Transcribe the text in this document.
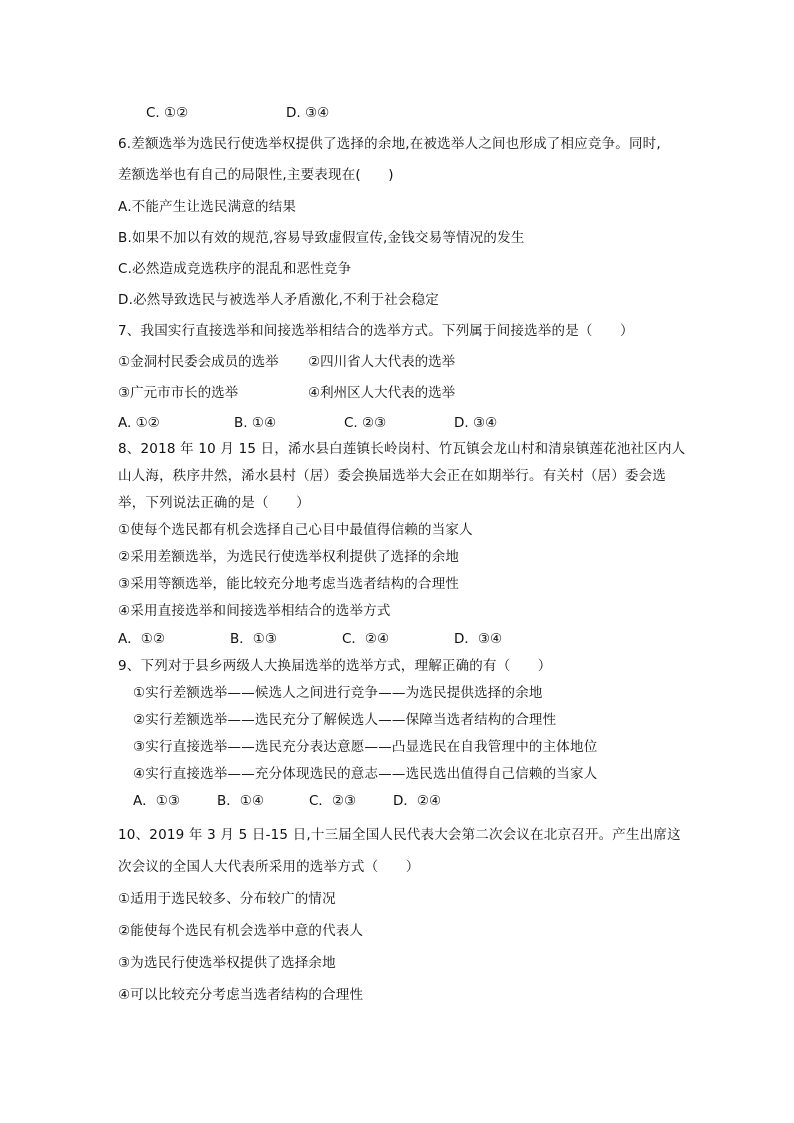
C. ①②

	D. ③④

6.差额选举为选民行使选举权提供了选择的余地,在被选举人之间也形成了相应竞争。同时,

差额选举也有自己的局限性,主要表现在(　　)

A.不能产生让选民满意的结果

B.如果不加以有效的规范,容易导致虚假宣传,金钱交易等情况的发生

C.必然造成竞选秩序的混乱和恶性竞争

D.必然导致选民与被选举人矛盾激化,不利于社会稳定

7、我国实行直接选举和间接选举相结合的选举方式。下列属于间接选举的是（　　）

①金洞村民委会成员的选举

②四川省人大代表的选举

③广元市市长的选举

	④利州区人大代表的选举

A. ①②

	B. ①④

	C. ②③

	D. ③④

8、2018 年 10 月 15 日，浠水县白莲镇长岭岗村、竹瓦镇会龙山村和清泉镇莲花池社区内人

山人海，秩序井然，浠水县村（居）委会换届选举大会正在如期举行。有关村（居）委会选

举，下列说法正确的是（　　）

①使每个选民都有机会选择自己心目中最值得信赖的当家人

②采用差额选举，为选民行使选举权利提供了选择的余地

③采用等额选举，能比较充分地考虑当选者结构的合理性

④采用直接选举和间接选举相结合的选举方式

A．①②

	B．①③

	C．②④

	D．③④

9、下列对于县乡两级人大换届选举的选举方式，理解正确的有（　　）

①实行差额选举——候选人之间进行竞争——为选民提供选择的余地

②实行差额选举——选民充分了解候选人——保障当选者结构的合理性

③实行直接选举——选民充分表达意愿——凸显选民在自我管理中的主体地位

④实行直接选举——充分体现选民的意志——选民选出值得自己信赖的当家人

A．①③

	B．①④

	C．②③

	D．②④

10、2019 年 3 月 5 日-15 日,十三届全国人民代表大会第二次会议在北京召开。产生出席这

次会议的全国人大代表所采用的选举方式（　　）

①适用于选民较多、分布较广的情况

②能使每个选民有机会选举中意的代表人

③为选民行使选举权提供了选择余地

④可以比较充分考虑当选者结构的合理性
